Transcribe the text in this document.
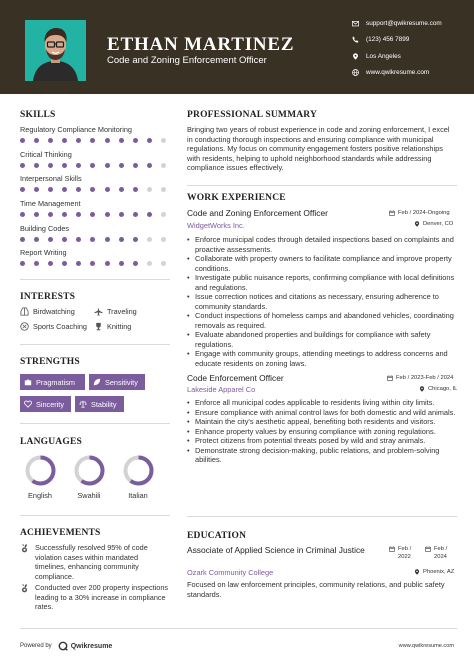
ETHAN MARTINEZ
Code and Zoning Enforcement Officer
support@qwikresume.com
(123) 456 7899
Los Angeles
www.qwikresume.com
SKILLS
Regulatory Compliance Monitoring
Critical Thinking
Interpersonal Skills
Time Management
Building Codes
Report Writing
INTERESTS
Birdwatching	Traveling
Sports Coaching	Knitting
STRENGTHS
Pragmatism	Sensitivity
Sincerity	Stability
LANGUAGES
English	Swahili	Italian
ACHIEVEMENTS
Successfully resolved 95% of code violation cases within mandated timelines, enhancing community compliance.
Conducted over 200 property inspections leading to a 30% increase in compliance rates.
PROFESSIONAL SUMMARY
Bringing two years of robust experience in code and zoning enforcement, I excel in conducting thorough inspections and ensuring compliance with municipal regulations. My focus on community engagement fosters positive relationships with residents, helping to uphold neighborhood standards while addressing compliance issues effectively.
WORK EXPERIENCE
Code and Zoning Enforcement Officer
WidgetWorks Inc.
Feb / 2024-Ongoing
Denver, CO
• Enforce municipal codes through detailed inspections based on complaints and proactive assessments.
• Collaborate with property owners to facilitate compliance and improve property conditions.
• Investigate public nuisance reports, confirming compliance with local definitions and regulations.
• Issue correction notices and citations as necessary, ensuring adherence to community standards.
• Conduct inspections of homeless camps and abandoned vehicles, coordinating removals as required.
• Evaluate abandoned properties and buildings for compliance with safety regulations.
• Engage with community groups, attending meetings to address concerns and educate residents on zoning laws.
Code Enforcement Officer
Lakeside Apparel Co
Feb / 2023-Feb / 2024
Chicago, IL
• Enforce all municipal codes applicable to residents living within city limits.
• Ensure compliance with animal control laws for both domestic and wild animals.
• Maintain the city's aesthetic appeal, benefiting both residents and visitors.
• Enhance property values by ensuring compliance with zoning regulations.
• Protect citizens from potential threats posed by wild and stray animals.
• Demonstrate strong decision-making, public relations, and problem-solving abilities.
EDUCATION
Associate of Applied Science in Criminal Justice
Ozark Community College
Feb / 2022
Feb / 2024
Phoenix, AZ
Focused on law enforcement principles, community relations, and public safety standards.
Powered by	Qwikresume	www.qwikresume.com
